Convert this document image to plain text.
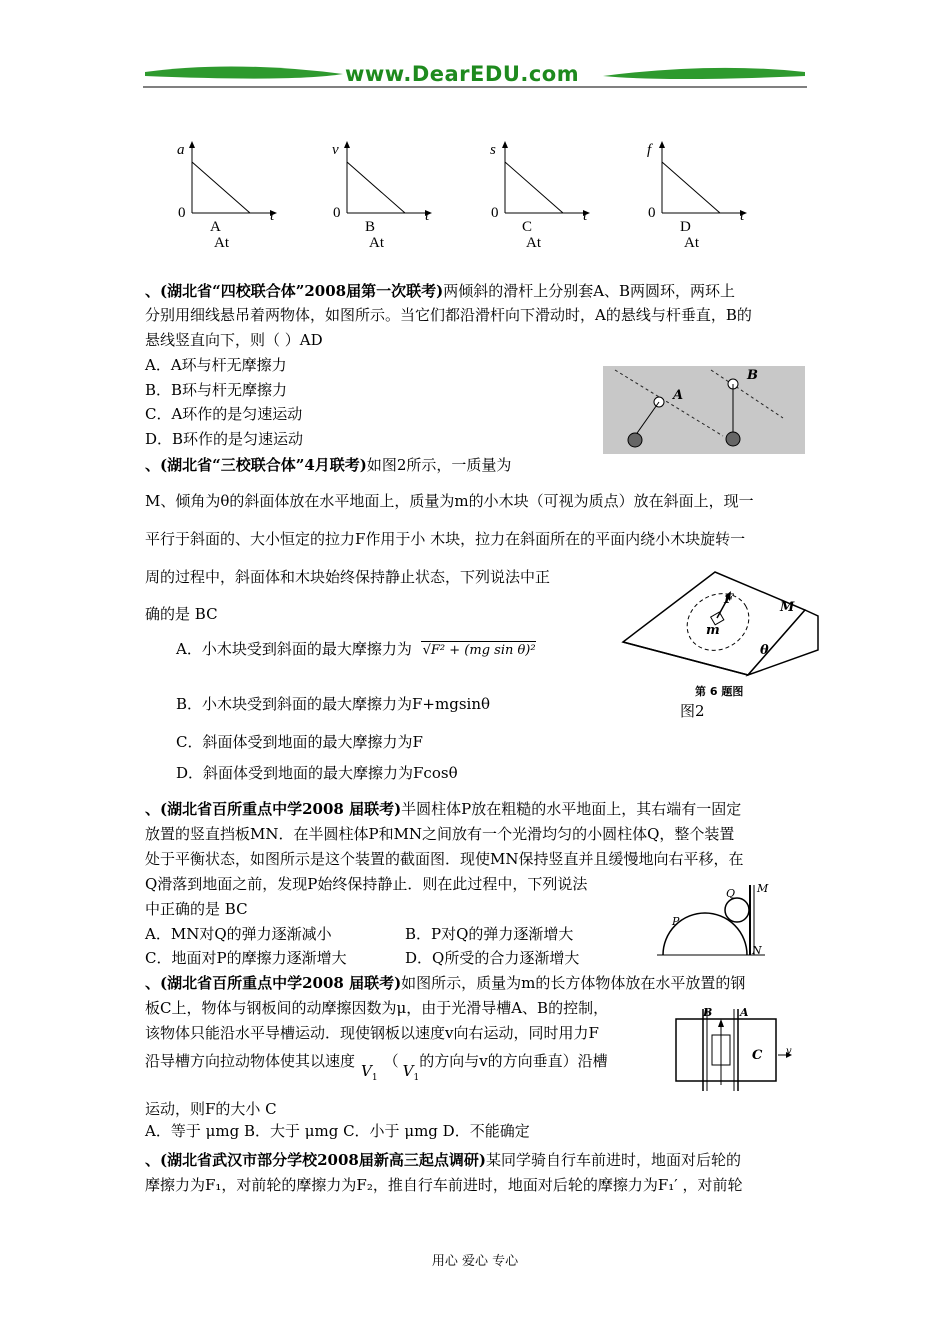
www.DearEDU.com
a
t
0
A
At
v
t
0
B
At
s
t
0
C
At
f
t
0
D
At
、(湖北省“四校联合体”2008届第一次联考)两倾斜的滑杆上分别套A、B两圆环，两环上
分别用细线悬吊着两物体，如图所示。当它们都沿滑杆向下滑动时，A的悬线与杆垂直，B的
悬线竖直向下，则（ ）AD
A．A环与杆无摩擦力
B．B环与杆无摩擦力
C．A环作的是匀速运动
D．B环作的是匀速运动
A
B
、(湖北省“三校联合体”4月联考)如图2所示，一质量为
M、倾角为θ的斜面体放在水平地面上，质量为m的小木块（可视为质点）放在斜面上，现一
平行于斜面的、大小恒定的拉力F作用于小 木块，拉力在斜面所在的平面内绕小木块旋转一
周的过程中，斜面体和木块始终保持静止状态，下列说法中正
确的是 BC
A．小木块受到斜面的最大摩擦力为 √F² + (mg sin θ)²
B．小木块受到斜面的最大摩擦力为F+mgsinθ
C．斜面体受到地面的最大摩擦力为F
D．斜面体受到地面的最大摩擦力为Fcosθ
F
m
M
θ
第 6 题图
图2
、(湖北省百所重点中学2008 届联考)半圆柱体P放在粗糙的水平地面上，其右端有一固定
放置的竖直挡板MN．在半圆柱体P和MN之间放有一个光滑均匀的小圆柱体Q，整个装置
处于平衡状态，如图所示是这个装置的截面图．现使MN保持竖直并且缓慢地向右平移，在
Q滑落到地面之前，发现P始终保持静止．则在此过程中，下列说法
中正确的是 BC
A．MN对Q的弹力逐渐减小	B．P对Q的弹力逐渐增大
C．地面对P的摩擦力逐渐增大	D．Q所受的合力逐渐增大
P
Q M
N
、(湖北省百所重点中学2008 届联考)如图所示，质量为m的长方体物体放在水平放置的钢
板C上，物体与钢板间的动摩擦因数为μ，由于光滑导槽A、B的控制，
该物体只能沿水平导槽运动．现使钢板以速度v向右运动，同时用力F
沿导槽方向拉动物体使其以速度$V_1(V_1$的方向与v的方向垂直）沿槽
运动，则F的大小 C
A．等于 μmg B．大于 μmg C．小于 μmg D．不能确定
B	A
C v
、(湖北省武汉市部分学校2008届新高三起点调研)某同学骑自行车前进时，地面对后轮的
摩擦力为F₁，对前轮的摩擦力为F₂，推自行车前进时，地面对后轮的摩擦力为F₁′ ，对前轮
用心 爱心 专心
